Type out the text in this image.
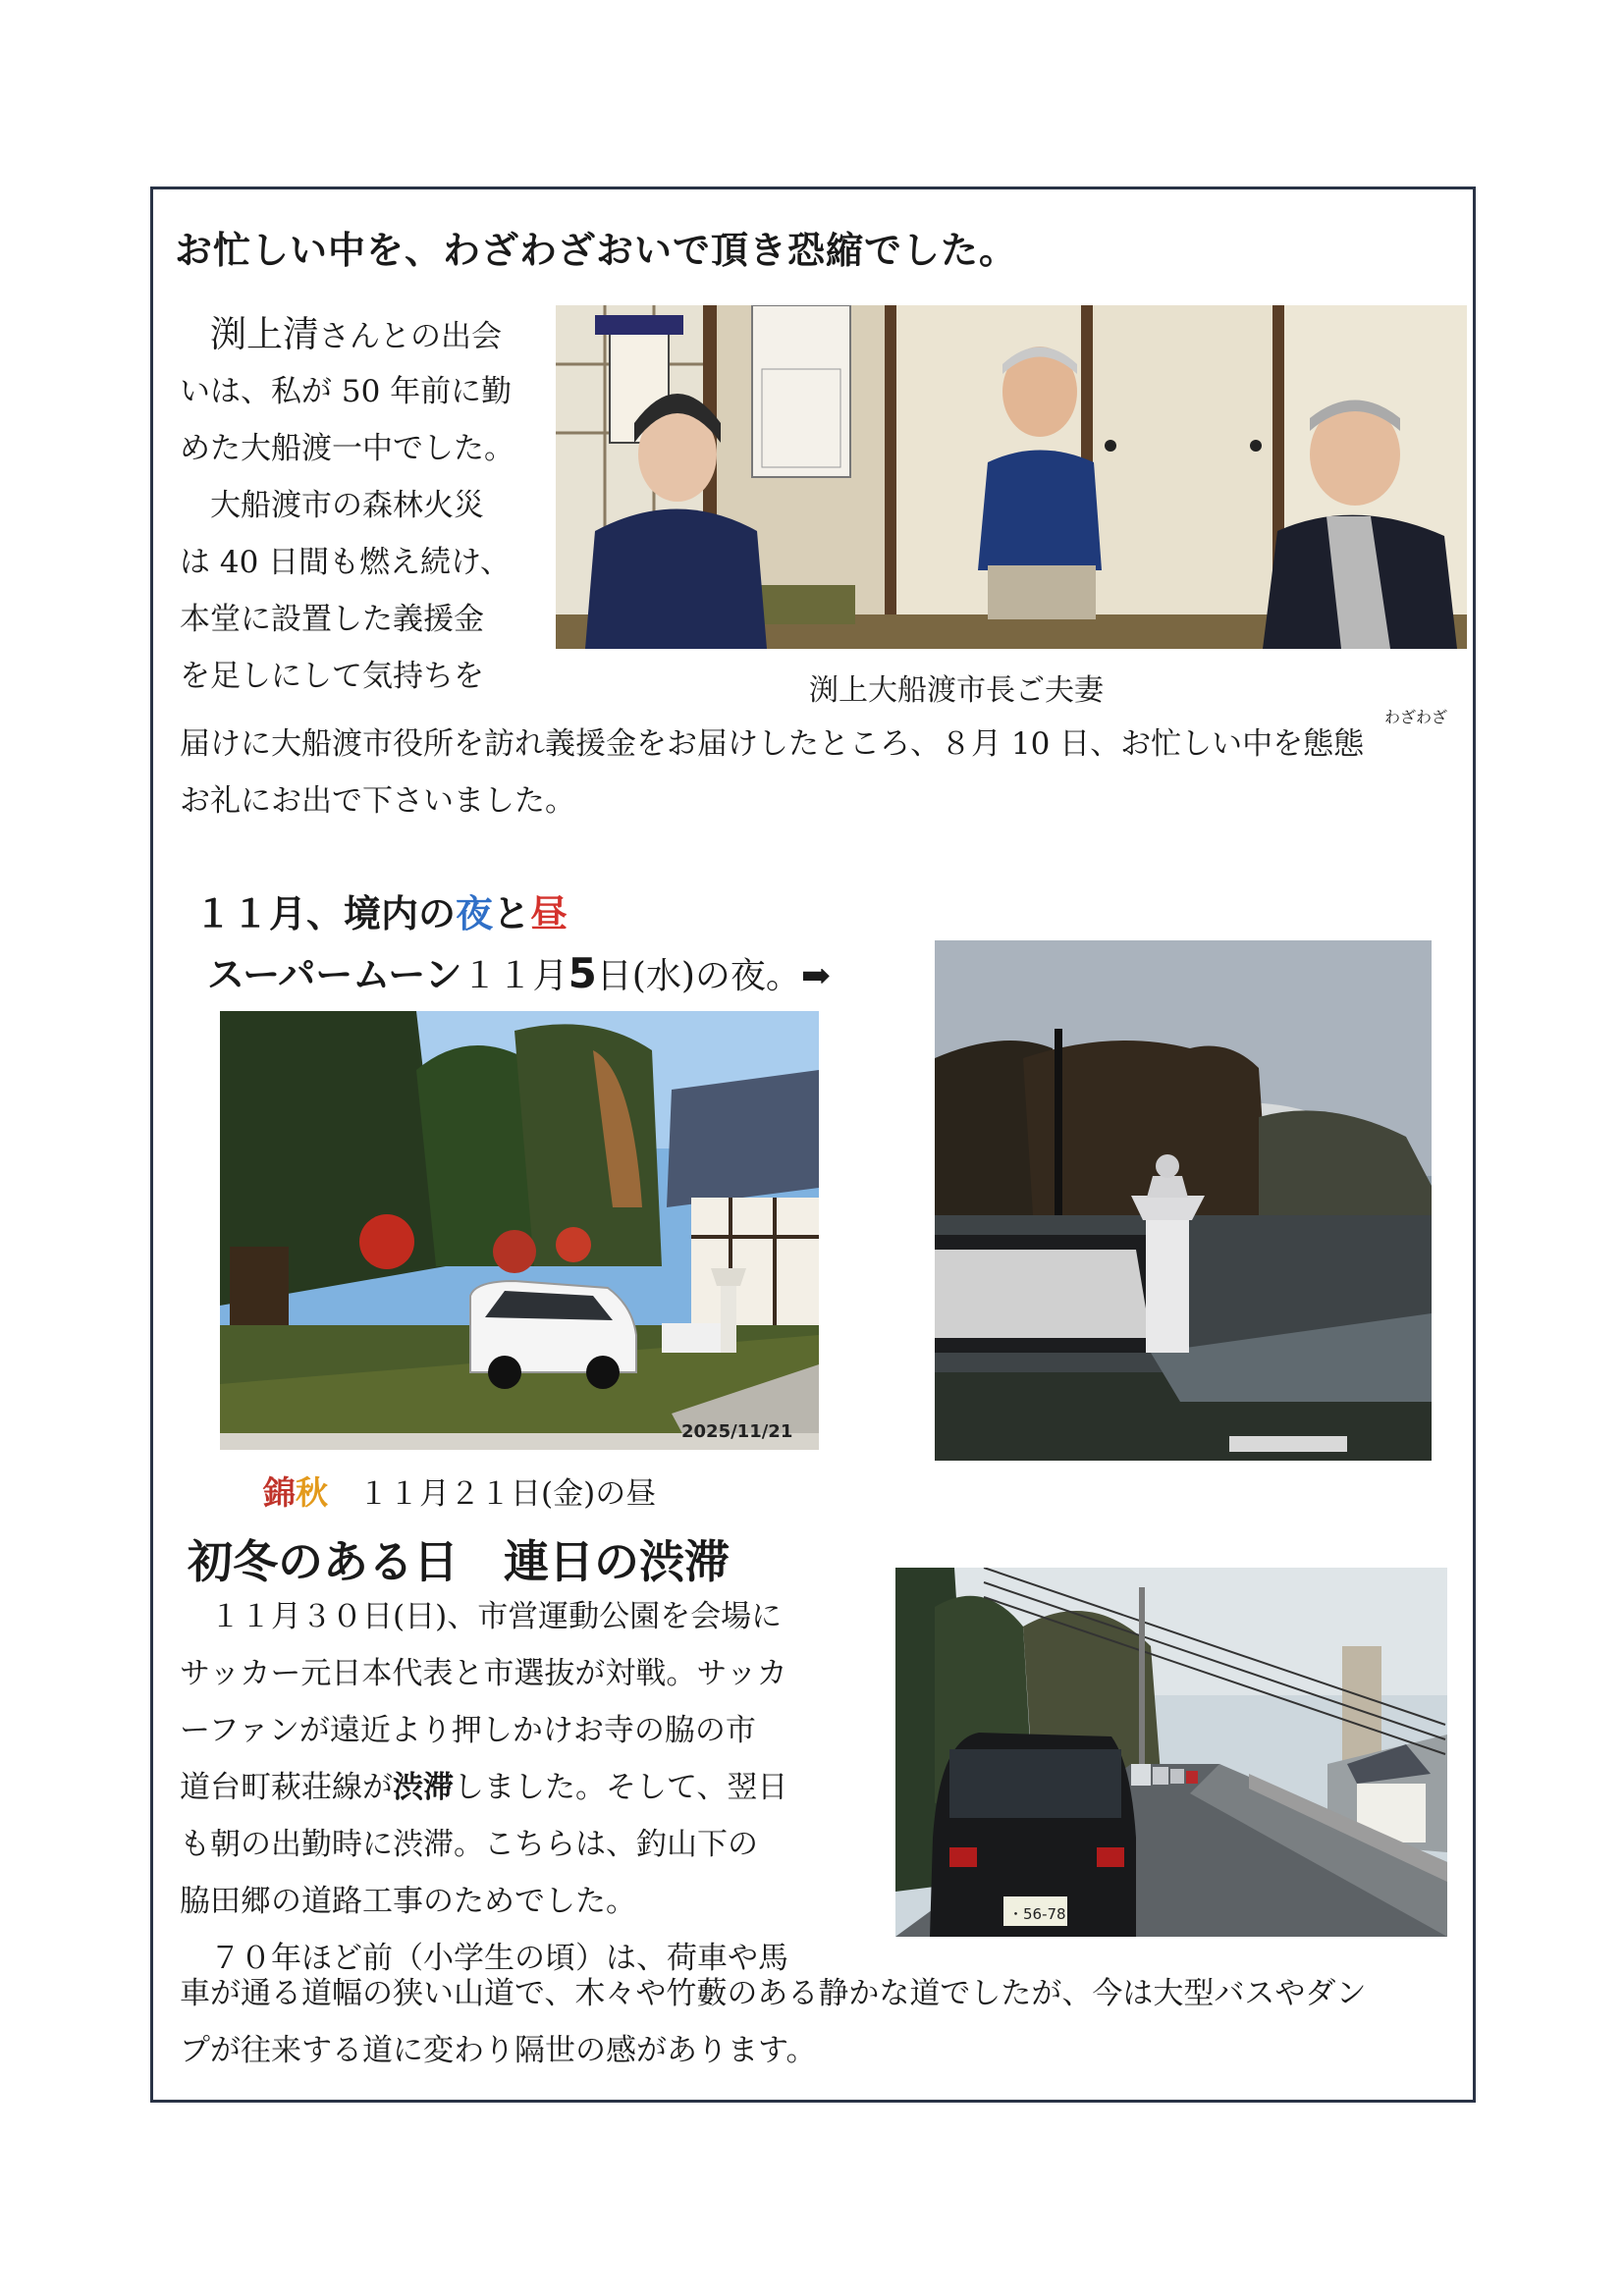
お忙しい中を、わざわざおいで頂き恐縮でした。
　渕上清さんとの出会
いは、私が 50 年前に勤
めた大船渡一中でした。
　大船渡市の森林火災
は 40 日間も燃え続け、
本堂に設置した義援金
を足しにして気持ちを	渕上大船渡市長ご夫妻
わざわざ
届けに大船渡市役所を訪れ義援金をお届けしたところ、８月 10 日、お忙しい中を態態
お礼にお出で下さいました。
１１月、境内の夜と昼
スーパームーン１１月5日(水)の夜。➡
2025/11/21
錦秋　１１月２１日(金)の昼
初冬のある日　連日の渋滞
　１１月３０日(日)、市営運動公園を会場に
サッカー元日本代表と市選抜が対戦。サッカ
ーファンが遠近より押しかけお寺の脇の市
道台町萩荘線が渋滞しました。そして、翌日
も朝の出勤時に渋滞。こちらは、釣山下の
脇田郷の道路工事のためでした。
　７０年ほど前（小学生の頃）は、荷車や馬
・56-78
車が通る道幅の狭い山道で、木々や竹藪のある静かな道でしたが、今は大型バスやダン
プが往来する道に変わり隔世の感があります。
